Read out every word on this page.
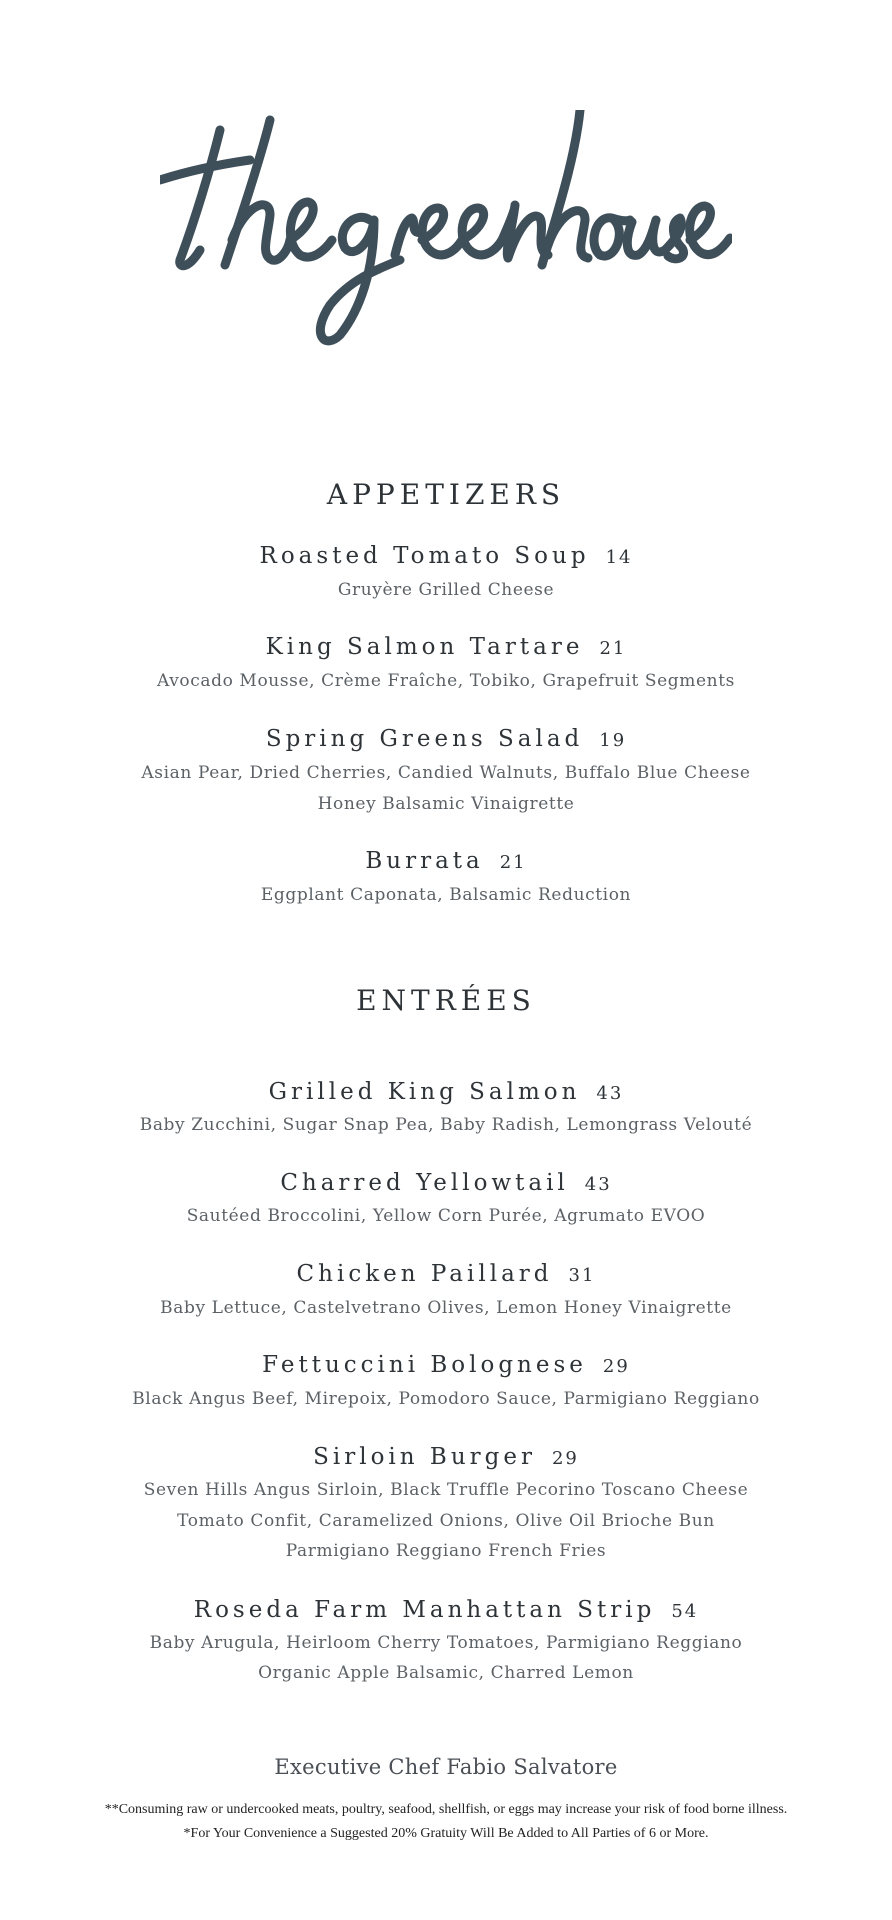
APPETIZERS
Roasted Tomato Soup 14
Gruyère Grilled Cheese
King Salmon Tartare 21
Avocado Mousse, Crème Fraîche, Tobiko, Grapefruit Segments
Spring Greens Salad 19
Asian Pear, Dried Cherries, Candied Walnuts, Buffalo Blue Cheese
Honey Balsamic Vinaigrette
Burrata 21
Eggplant Caponata, Balsamic Reduction
ENTRÉES
Grilled King Salmon 43
Baby Zucchini, Sugar Snap Pea, Baby Radish, Lemongrass Velouté
Charred Yellowtail 43
Sautéed Broccolini, Yellow Corn Purée, Agrumato EVOO
Chicken Paillard 31
Baby Lettuce, Castelvetrano Olives, Lemon Honey Vinaigrette
Fettuccini Bolognese 29
Black Angus Beef, Mirepoix, Pomodoro Sauce, Parmigiano Reggiano
Sirloin Burger 29
Seven Hills Angus Sirloin, Black Truffle Pecorino Toscano Cheese
Tomato Confit, Caramelized Onions, Olive Oil Brioche Bun
Parmigiano Reggiano French Fries
Roseda Farm Manhattan Strip 54
Baby Arugula, Heirloom Cherry Tomatoes, Parmigiano Reggiano
Organic Apple Balsamic, Charred Lemon
Executive Chef Fabio Salvatore
**Consuming raw or undercooked meats, poultry, seafood, shellfish, or eggs may increase your risk of food borne illness.
*For Your Convenience a Suggested 20% Gratuity Will Be Added to All Parties of 6 or More.
